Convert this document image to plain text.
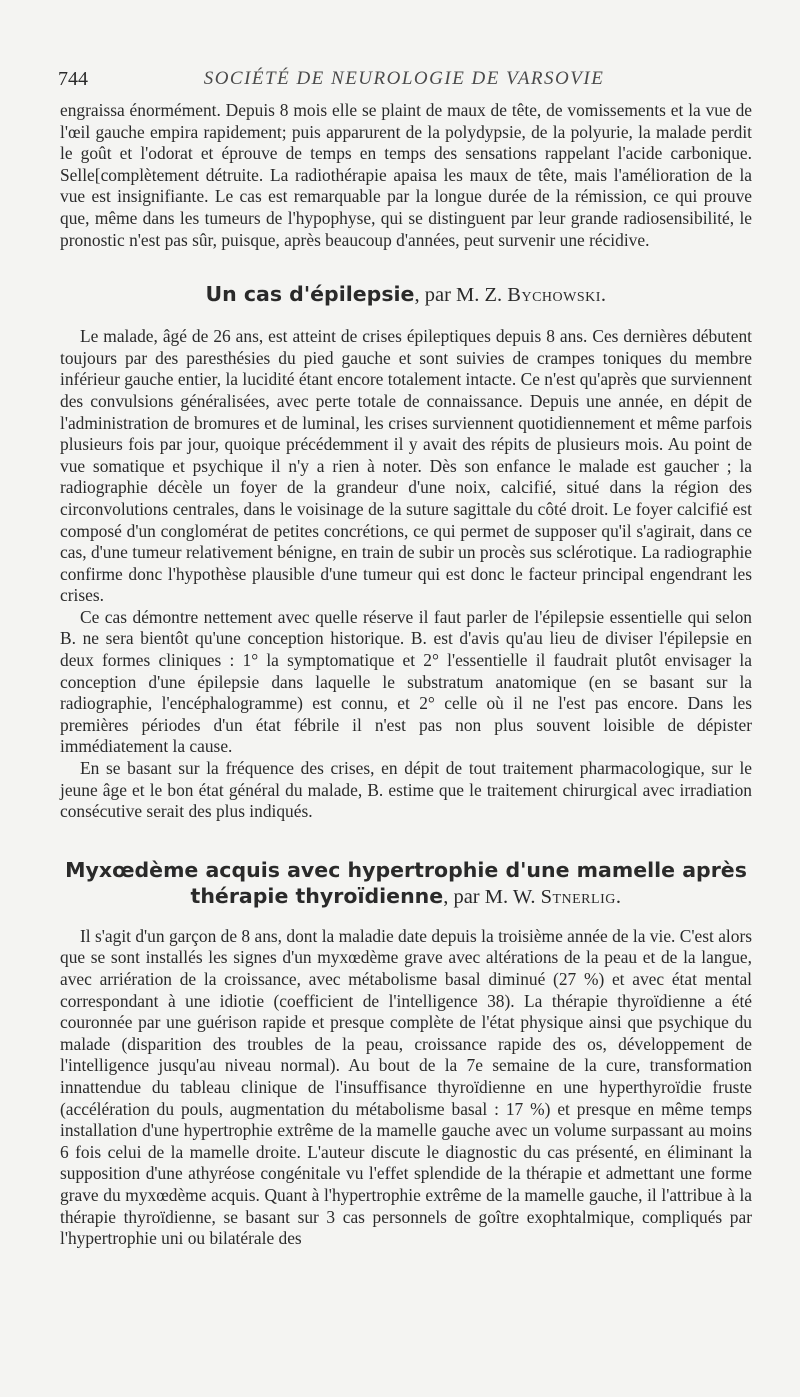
744	SOCIÉTÉ DE NEUROLOGIE DE VARSOVIE

engraissa énormément. Depuis 8 mois elle se plaint de maux de tête, de vomissements et la vue de l'œil gauche empira rapidement; puis apparurent de la polydypsie, de la polyurie, la malade perdit le goût et l'odorat et éprouve de temps en temps des sensations rappelant l'acide carbonique. Selle[complètement détruite. La radiothérapie apaisa les maux de tête, mais l'amélioration de la vue est insignifiante. Le cas est remarquable par la longue durée de la rémission, ce qui prouve que, même dans les tumeurs de l'hypophyse, qui se distinguent par leur grande radiosensibilité, le pronostic n'est pas sûr, puisque, après beaucoup d'années, peut survenir une récidive.

Un cas d'épilepsie, par M. Z. Bychowski.

Le malade, âgé de 26 ans, est atteint de crises épileptiques depuis 8 ans. Ces dernières débutent toujours par des paresthésies du pied gauche et sont suivies de crampes toniques du membre inférieur gauche entier, la lucidité étant encore totalement intacte. Ce n'est qu'après que surviennent des convulsions généralisées, avec perte totale de connaissance. Depuis une année, en dépit de l'administration de bromures et de luminal, les crises surviennent quotidiennement et même parfois plusieurs fois par jour, quoique précédemment il y avait des répits de plusieurs mois. Au point de vue somatique et psychique il n'y a rien à noter. Dès son enfance le malade est gaucher ; la radiographie décèle un foyer de la grandeur d'une noix, calcifié, situé dans la région des circonvolutions centrales, dans le voisinage de la suture sagittale du côté droit. Le foyer calcifié est composé d'un conglomérat de petites concrétions, ce qui permet de supposer qu'il s'agirait, dans ce cas, d'une tumeur relativement bénigne, en train de subir un procès sus sclérotique. La radiographie confirme donc l'hypothèse plausible d'une tumeur qui est donc le facteur principal engendrant les crises.

Ce cas démontre nettement avec quelle réserve il faut parler de l'épilepsie essentielle qui selon B. ne sera bientôt qu'une conception historique. B. est d'avis qu'au lieu de diviser l'épilepsie en deux formes cliniques : 1° la symptomatique et 2° l'essentielle il faudrait plutôt envisager la conception d'une épilepsie dans laquelle le substratum anatomique (en se basant sur la radiographie, l'encéphalogramme) est connu, et 2° celle où il ne l'est pas encore. Dans les premières périodes d'un état fébrile il n'est pas non plus souvent loisible de dépister immédiatement la cause.

En se basant sur la fréquence des crises, en dépit de tout traitement pharmacologique, sur le jeune âge et le bon état général du malade, B. estime que le traitement chirurgical avec irradiation consécutive serait des plus indiqués.

Myxœdème acquis avec hypertrophie d'une mamelle après thérapie thyroïdienne, par M. W. Stnerlig.

Il s'agit d'un garçon de 8 ans, dont la maladie date depuis la troisième année de la vie. C'est alors que se sont installés les signes d'un myxœdème grave avec altérations de la peau et de la langue, avec arriération de la croissance, avec métabolisme basal diminué (27 %) et avec état mental correspondant à une idiotie (coefficient de l'intelligence 38). La thérapie thyroïdienne a été couronnée par une guérison rapide et presque complète de l'état physique ainsi que psychique du malade (disparition des troubles de la peau, croissance rapide des os, développement de l'intelligence jusqu'au niveau normal). Au bout de la 7e semaine de la cure, transformation innattendue du tableau clinique de l'insuffisance thyroïdienne en une hyperthyroïdie fruste (accélération du pouls, augmentation du métabolisme basal : 17 %) et presque en même temps installation d'une hypertrophie extrême de la mamelle gauche avec un volume surpassant au moins 6 fois celui de la mamelle droite. L'auteur discute le diagnostic du cas présenté, en éliminant la supposition d'une athyréose congénitale vu l'effet splendide de la thérapie et admettant une forme grave du myxœdème acquis. Quant à l'hypertrophie extrême de la mamelle gauche, il l'attribue à la thérapie thyroïdienne, se basant sur 3 cas personnels de goître exophtalmique, compliqués par l'hypertrophie uni ou bilatérale des
